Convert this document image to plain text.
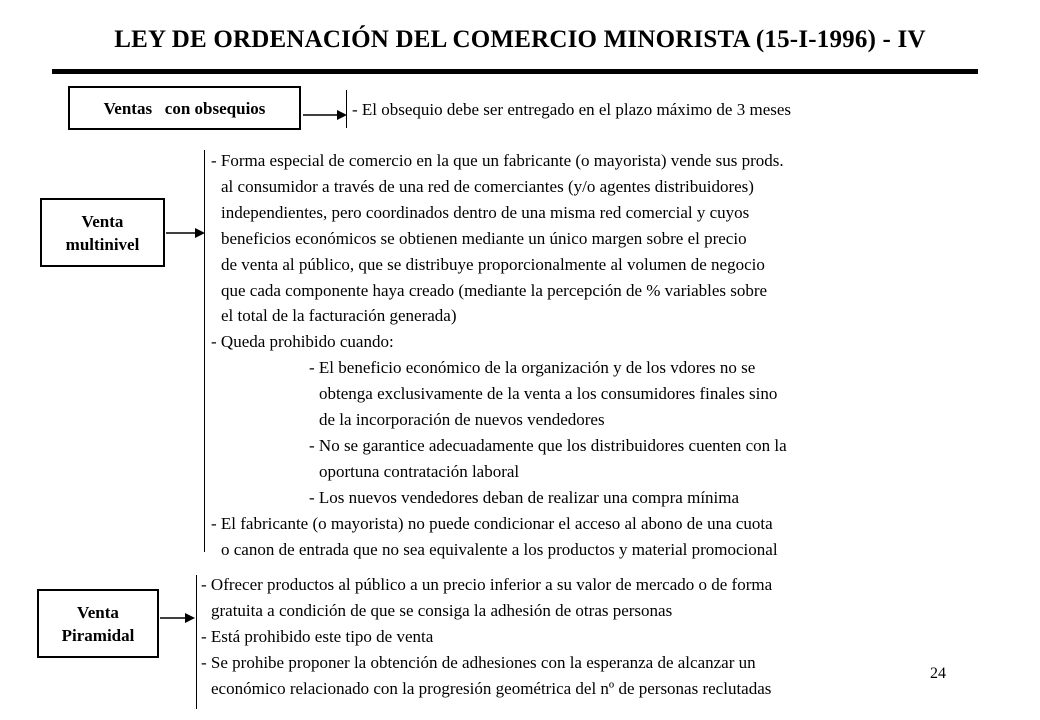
LEY DE ORDENACIÓN DEL COMERCIO MINORISTA (15-I-1996) - IV
Ventas   con obsequios	- El obsequio debe ser entregado en el plazo máximo de 3 meses
Venta
multinivel
- Forma especial de comercio en la que un fabricante (o mayorista) vende sus prods.
al consumidor a través de una red de comerciantes (y/o agentes distribuidores)
independientes, pero coordinados dentro de una misma red comercial y cuyos
beneficios económicos se obtienen mediante un único margen sobre el precio
de venta al público, que se distribuye proporcionalmente al volumen de negocio
que cada componente haya creado (mediante la percepción de % variables sobre
el total de la facturación generada)
- Queda prohibido cuando:
- El beneficio económico de la organización y de los vdores no se
obtenga exclusivamente de la venta a los consumidores finales sino
de la incorporación de nuevos vendedores
- No se garantice adecuadamente que los distribuidores cuenten con la
oportuna contratación laboral
- Los nuevos vendedores deban de realizar una compra mínima
- El fabricante (o mayorista) no puede condicionar el acceso al abono de una cuota
o canon de entrada que no sea equivalente a los productos y material promocional
Venta
Piramidal
- Ofrecer productos al público a un precio inferior a su valor de mercado o de forma
gratuita a condición de que se consiga la adhesión de otras personas
- Está prohibido este tipo de venta
- Se prohibe proponer la obtención de adhesiones con la esperanza de alcanzar un
económico relacionado con la progresión geométrica del nº de personas reclutadas
24
